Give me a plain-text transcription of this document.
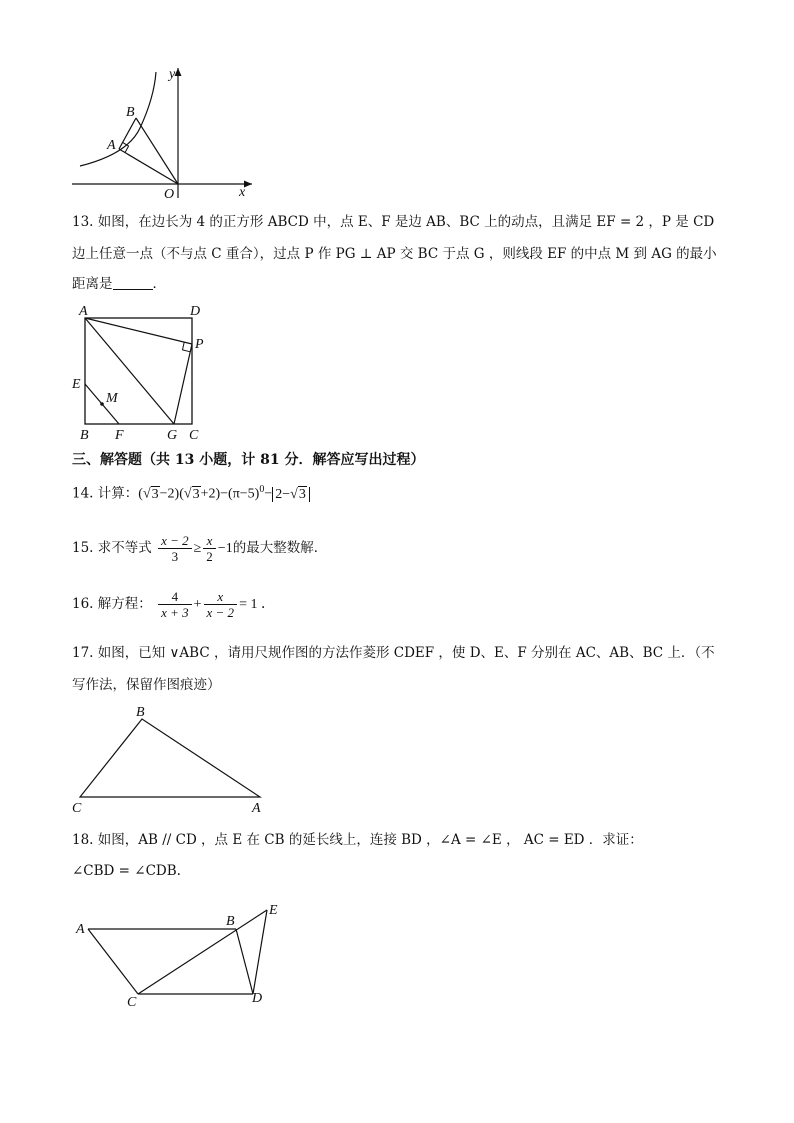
y
x
O
B
A
13. 如图，在边长为 4 的正方形 ABCD 中，点 E、F 是边 AB、BC 上的动点，且满足 EF = 2 ，P 是 CD
边上任意一点（不与点 C 重合），过点 P 作 PG ⊥ AP 交 BC 于点 G ，则线段 EF 的中点 M 到 AG 的最小
距离是	．
A	D
P
E
M
B F	G C
三、解答题（共 13 小题，计 81 分．解答应写出过程）
14. 计算：$(√3-2)(√3+2)-(\pi-5)^0- 2-√3$
15. 求不等式 $\frac{x - 2}{3} \ge \frac{x}{2} -1$的最大整数解．
16. 解方程： $\frac{4}{x + 3} + \frac{x}{x - 2} = 1$ ．
17. 如图，已知 ∨ABC ，请用尺规作图的方法作菱形 CDEF ，使 D、E、F 分别在 AC、AB、BC 上．（不
写作法，保留作图痕迹）
B
C	A
18. 如图，AB // CD ，点 E 在 CB 的延长线上，连接 BD ，∠A = ∠E ， AC = ED ．求证：
∠CBD = ∠CDB.
A
B
E
C	D
